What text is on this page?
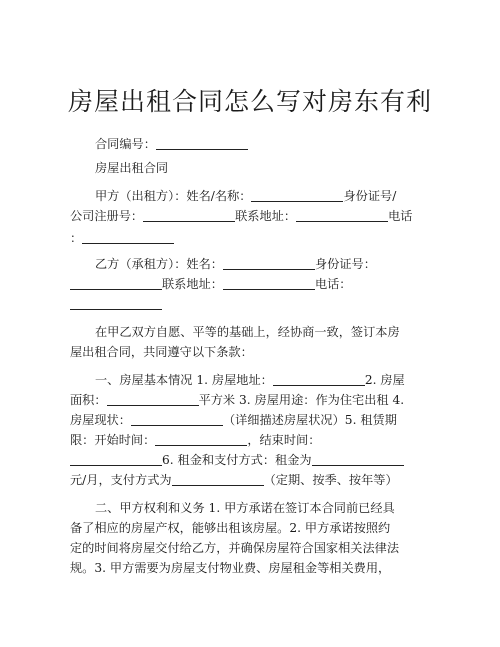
房屋出租合同怎么写对房东有利
合同编号：
房屋出租合同
甲方（出租方）：姓名/名称：	身份证号/
公司注册号：	联系地址：	电话
：
乙方（承租方）：姓名：	身份证号：
联系地址：	电话：
在甲乙双方自愿、平等的基础上，经协商一致，签订本房
屋出租合同，共同遵守以下条款：
一、房屋基本情况 1. 房屋地址：	2. 房屋
面积：	平方米 3. 房屋用途：作为住宅出租 4.
房屋现状：	（详细描述房屋状况）5. 租赁期
限：开始时间：	，结束时间：
6. 租金和支付方式：租金为
元/月，支付方式为	（定期、按季、按年等）
二、甲方权利和义务 1. 甲方承诺在签订本合同前已经具
备了相应的房屋产权，能够出租该房屋。2. 甲方承诺按照约
定的时间将房屋交付给乙方，并确保房屋符合国家相关法律法
规。3. 甲方需要为房屋支付物业费、房屋租金等相关费用，
